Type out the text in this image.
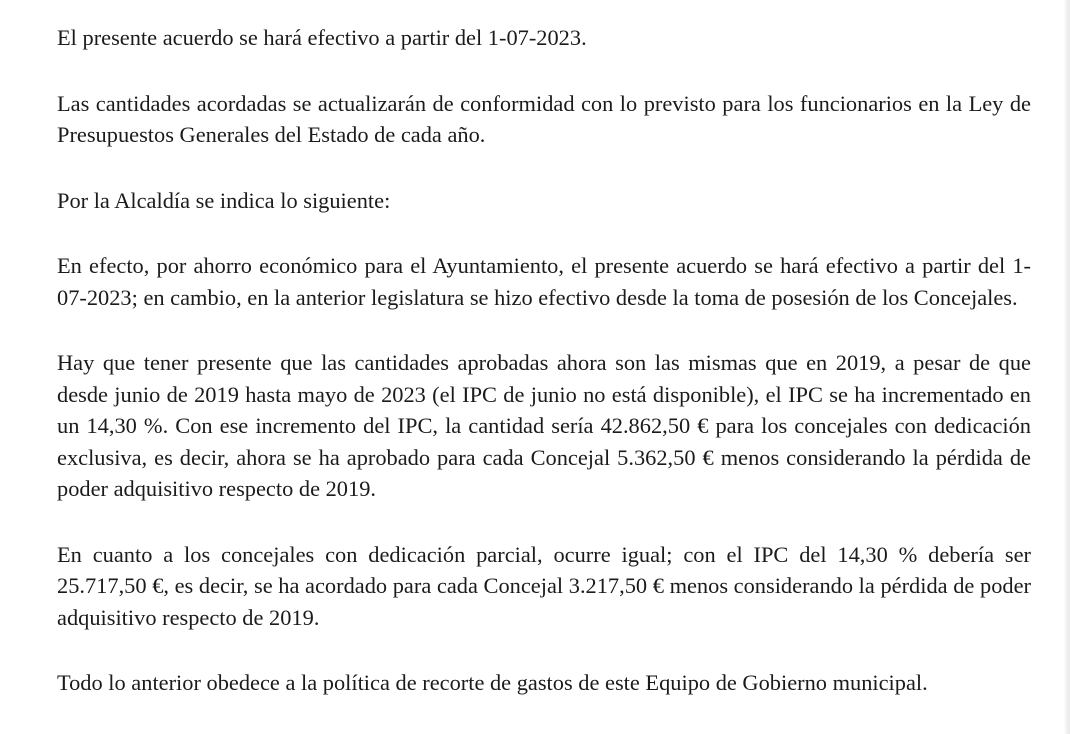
El presente acuerdo se hará efectivo a partir del 1-07-2023.

Las cantidades acordadas se actualizarán de conformidad con lo previsto para los funcionarios en la Ley de Presupuestos Generales del Estado de cada año.

Por la Alcaldía se indica lo siguiente:

En efecto, por ahorro económico para el Ayuntamiento, el presente acuerdo se hará efectivo a partir del 1-07-2023; en cambio, en la anterior legislatura se hizo efectivo desde la toma de posesión de los Concejales.

Hay que tener presente que las cantidades aprobadas ahora son las mismas que en 2019, a pesar de que desde junio de 2019 hasta mayo de 2023 (el IPC de junio no está disponible), el IPC se ha incrementado en un 14,30 %. Con ese incremento del IPC, la cantidad sería 42.862,50 € para los concejales con dedicación exclusiva, es decir, ahora se ha aprobado para cada Concejal 5.362,50 € menos considerando la pérdida de poder adquisitivo respecto de 2019.

En cuanto a los concejales con dedicación parcial, ocurre igual; con el IPC del 14,30 % debería ser 25.717,50 €, es decir, se ha acordado para cada Concejal 3.217,50 € menos considerando la pérdida de poder adquisitivo respecto de 2019.

Todo lo anterior obedece a la política de recorte de gastos de este Equipo de Gobierno municipal.
